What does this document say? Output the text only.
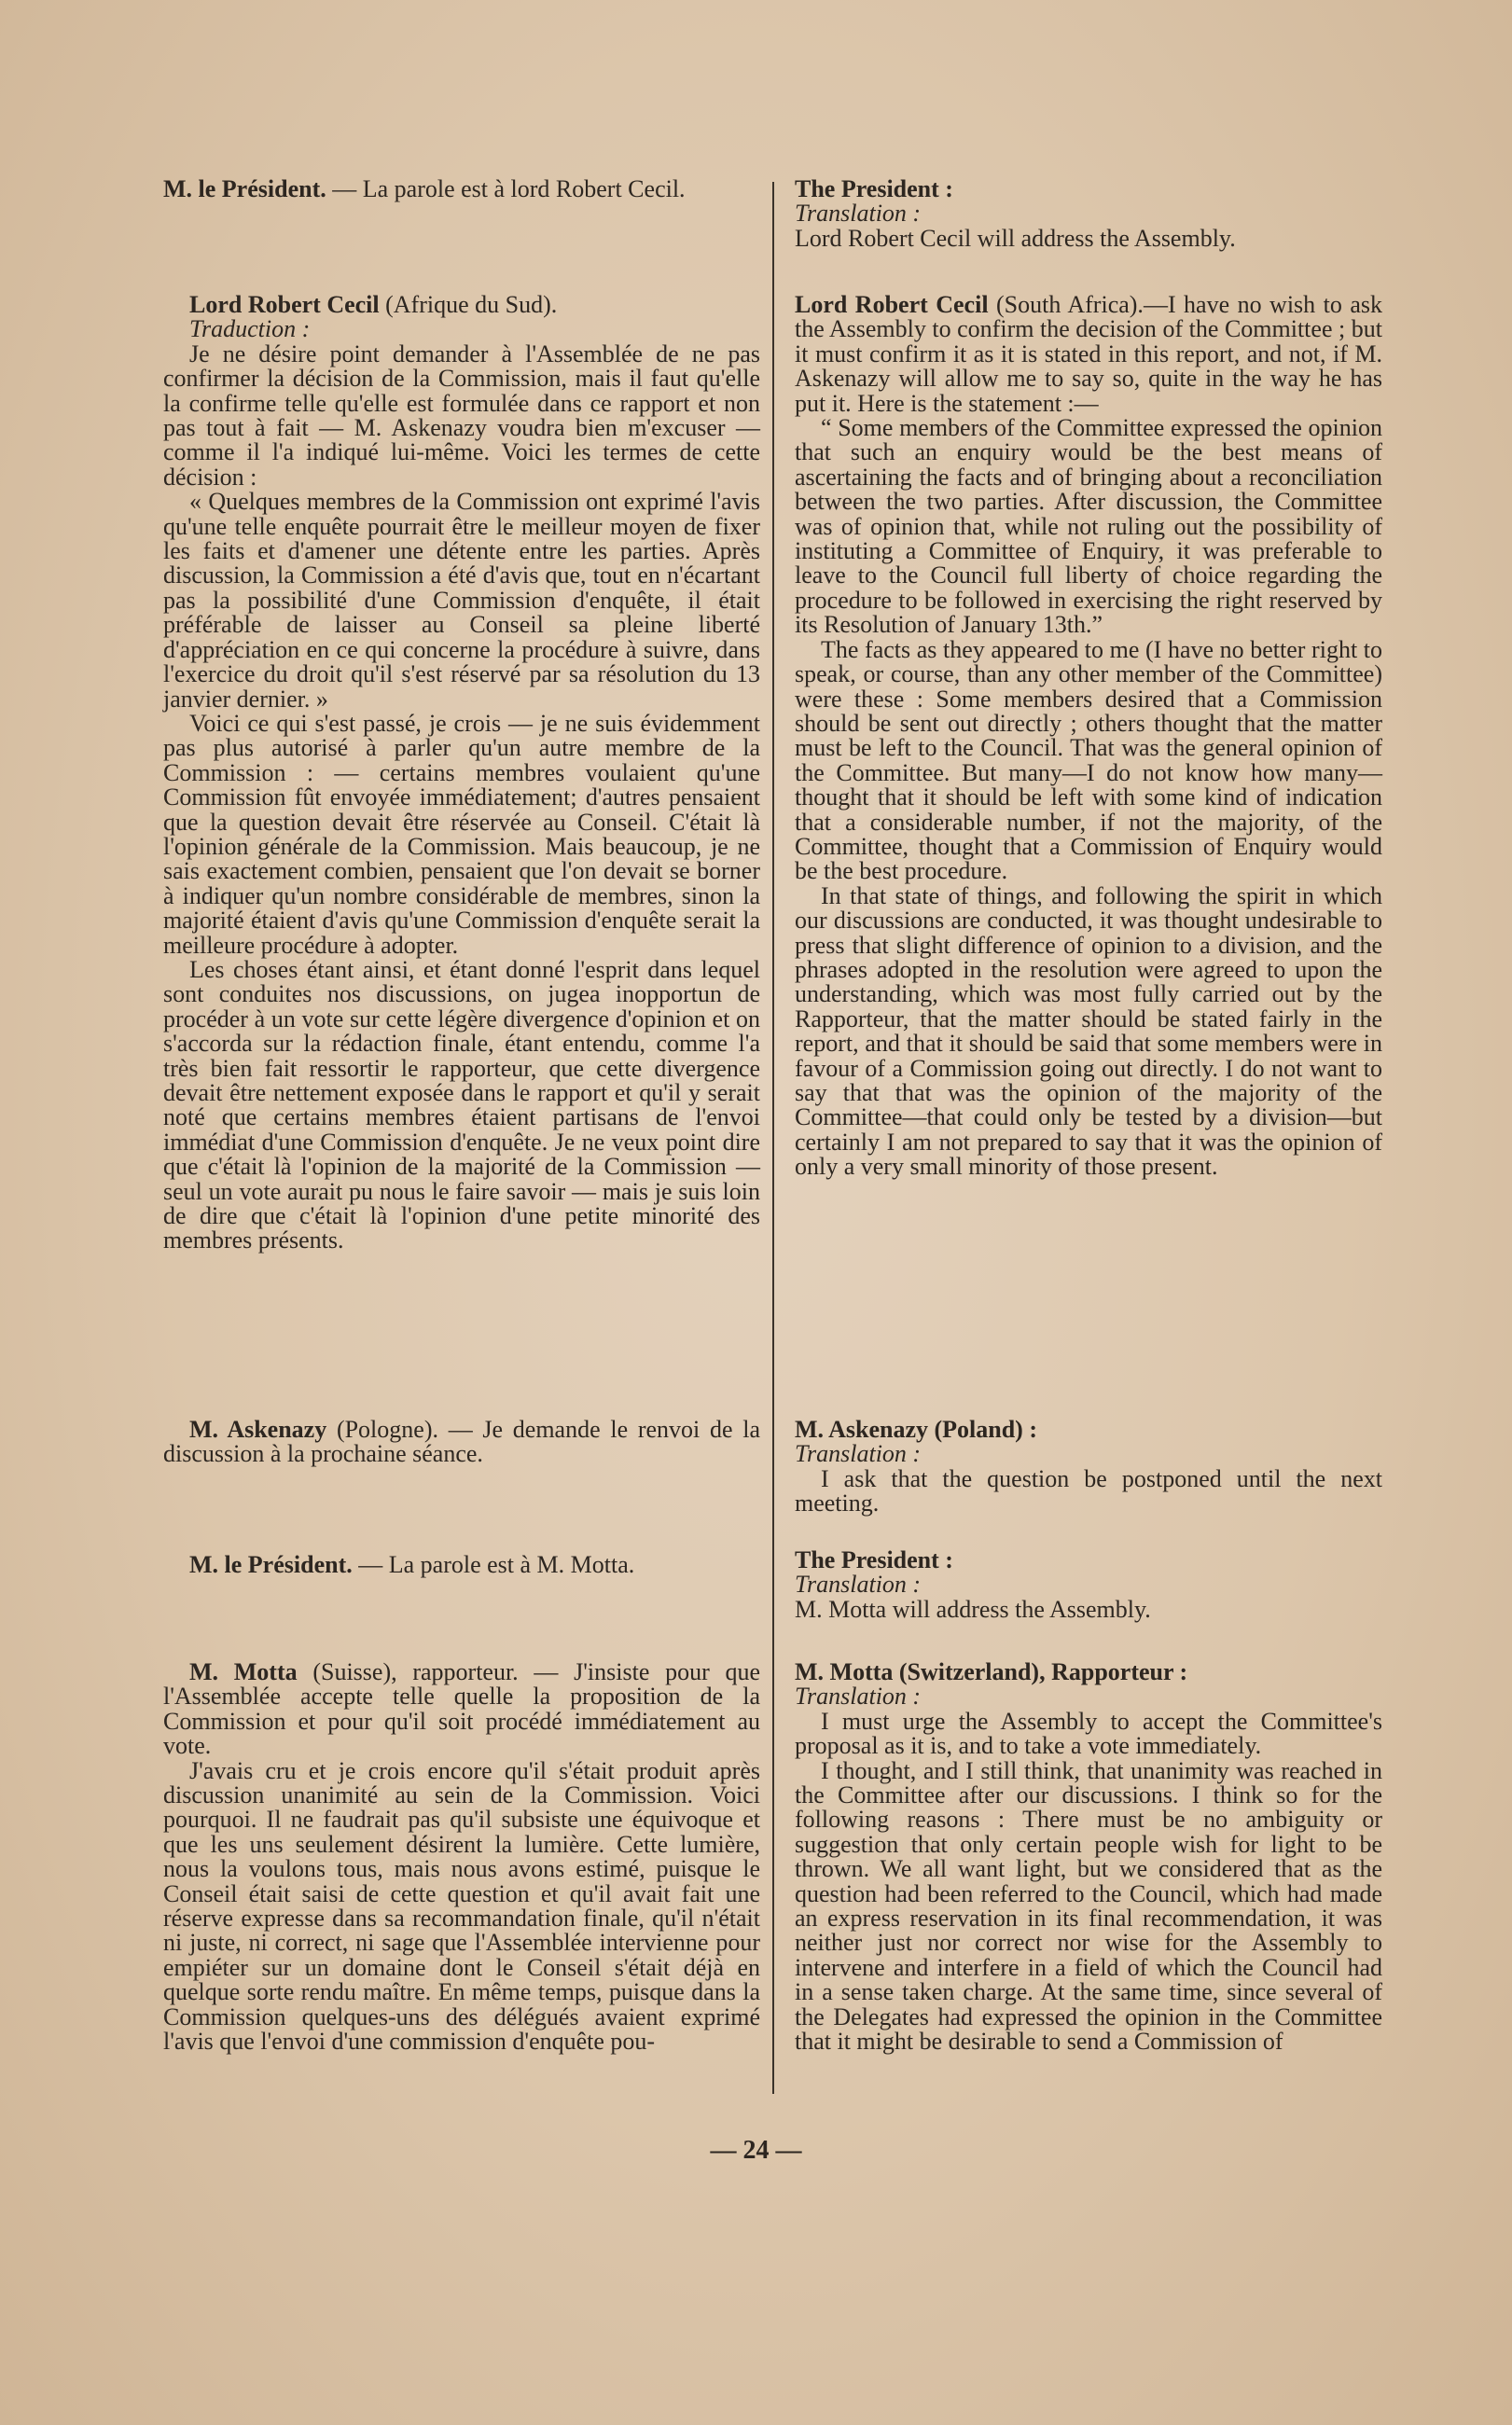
M. le Président. — La parole est à lord Robert Cecil.

Lord Robert Cecil (Afrique du Sud).

Traduction :

Je ne désire point demander à l'Assemblée de ne pas confirmer la décision de la Commission, mais il faut qu'elle la confirme telle qu'elle est formulée dans ce rapport et non pas tout à fait — M. Askenazy voudra bien m'excuser — comme il l'a indiqué lui-même. Voici les termes de cette décision :

« Quelques membres de la Commission ont exprimé l'avis qu'une telle enquête pourrait être le meilleur moyen de fixer les faits et d'amener une détente entre les parties. Après discussion, la Commission a été d'avis que, tout en n'écartant pas la possibilité d'une Commission d'enquête, il était préférable de laisser au Conseil sa pleine liberté d'appréciation en ce qui concerne la procédure à suivre, dans l'exercice du droit qu'il s'est réservé par sa résolution du 13 janvier dernier. »

Voici ce qui s'est passé, je crois — je ne suis évidemment pas plus autorisé à parler qu'un autre membre de la Commission : — certains membres voulaient qu'une Commission fût envoyée immédiatement; d'autres pensaient que la question devait être réservée au Conseil. C'était là l'opinion générale de la Commission. Mais beaucoup, je ne sais exactement combien, pensaient que l'on devait se borner à indiquer qu'un nombre considérable de membres, sinon la majorité étaient d'avis qu'une Commission d'enquête serait la meilleure procédure à adopter.

Les choses étant ainsi, et étant donné l'esprit dans lequel sont conduites nos discussions, on jugea inopportun de procéder à un vote sur cette légère divergence d'opinion et on s'accorda sur la rédaction finale, étant entendu, comme l'a très bien fait ressortir le rapporteur, que cette divergence devait être nettement exposée dans le rapport et qu'il y serait noté que certains membres étaient partisans de l'envoi immédiat d'une Commission d'enquête. Je ne veux point dire que c'était là l'opinion de la majorité de la Commission — seul un vote aurait pu nous le faire savoir — mais je suis loin de dire que c'était là l'opinion d'une petite minorité des membres présents.

M. Askenazy (Pologne). — Je demande le renvoi de la discussion à la prochaine séance.

M. le Président. — La parole est à M. Motta.

M. Motta (Suisse), rapporteur. — J'insiste pour que l'Assemblée accepte telle quelle la proposition de la Commission et pour qu'il soit procédé immédiatement au vote.

J'avais cru et je crois encore qu'il s'était produit après discussion unanimité au sein de la Commission. Voici pourquoi. Il ne faudrait pas qu'il subsiste une équivoque et que les uns seulement désirent la lumière. Cette lumière, nous la voulons tous, mais nous avons estimé, puisque le Conseil était saisi de cette question et qu'il avait fait une réserve expresse dans sa recommandation finale, qu'il n'était ni juste, ni correct, ni sage que l'Assemblée intervienne pour empiéter sur un domaine dont le Conseil s'était déjà en quelque sorte rendu maître. En même temps, puisque dans la Commission quelques-uns des délégués avaient exprimé l'avis que l'envoi d'une commission d'enquête pou-

The President :

Translation :

Lord Robert Cecil will address the Assembly.

Lord Robert Cecil (South Africa).—I have no wish to ask the Assembly to confirm the decision of the Committee ; but it must confirm it as it is stated in this report, and not, if M. Askenazy will allow me to say so, quite in the way he has put it. Here is the statement :—

“ Some members of the Committee expressed the opinion that such an enquiry would be the best means of ascertaining the facts and of bringing about a reconciliation between the two parties. After discussion, the Committee was of opinion that, while not ruling out the possibility of instituting a Committee of Enquiry, it was preferable to leave to the Council full liberty of choice regarding the procedure to be followed in exercising the right reserved by its Resolution of January 13th.”

The facts as they appeared to me (I have no better right to speak, or course, than any other member of the Committee) were these : Some members desired that a Commission should be sent out directly ; others thought that the matter must be left to the Council. That was the general opinion of the Committee. But many—I do not know how many—thought that it should be left with some kind of indication that a considerable number, if not the majority, of the Committee, thought that a Commission of Enquiry would be the best procedure.

In that state of things, and following the spirit in which our discussions are conducted, it was thought undesirable to press that slight difference of opinion to a division, and the phrases adopted in the resolution were agreed to upon the understanding, which was most fully carried out by the Rapporteur, that the matter should be stated fairly in the report, and that it should be said that some members were in favour of a Commission going out directly. I do not want to say that that was the opinion of the majority of the Committee—that could only be tested by a division—but certainly I am not prepared to say that it was the opinion of only a very small minority of those present.

M. Askenazy (Poland) :

Translation :

I ask that the question be postponed until the next meeting.

The President :

Translation :

M. Motta will address the Assembly.

M. Motta (Switzerland), Rapporteur :

Translation :

I must urge the Assembly to accept the Committee's proposal as it is, and to take a vote immediately.

I thought, and I still think, that unanimity was reached in the Committee after our discussions. I think so for the following reasons : There must be no ambiguity or suggestion that only certain people wish for light to be thrown. We all want light, but we considered that as the question had been referred to the Council, which had made an express reservation in its final recommendation, it was neither just nor correct nor wise for the Assembly to intervene and interfere in a field of which the Council had in a sense taken charge. At the same time, since several of the Delegates had expressed the opinion in the Committee that it might be desirable to send a Commission of

— 24 —
